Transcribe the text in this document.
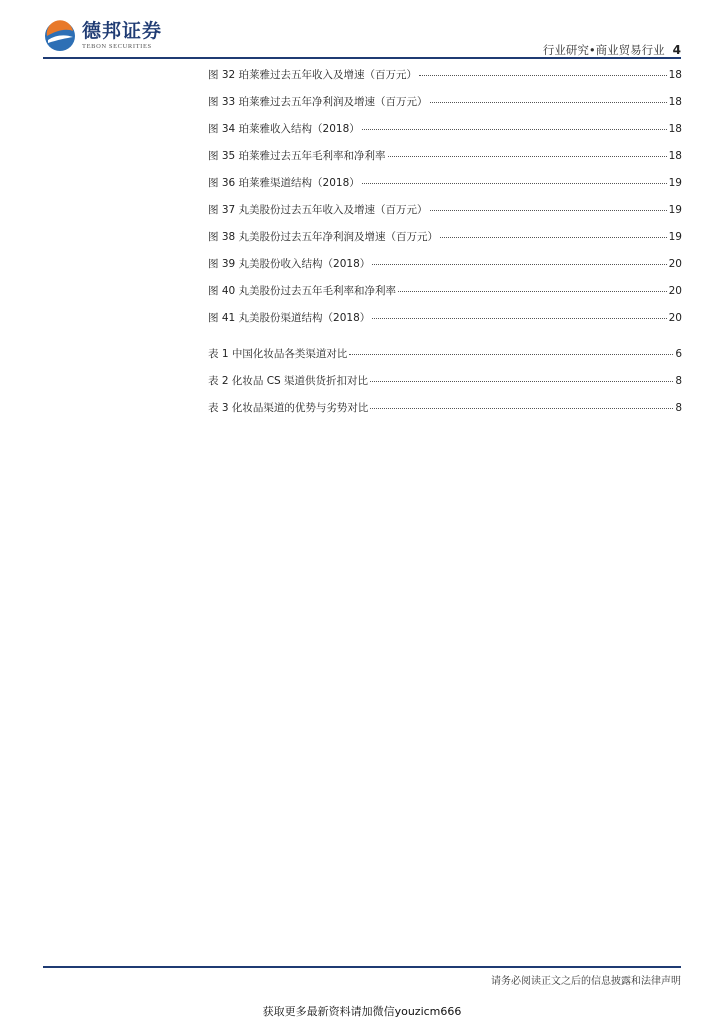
德邦证券
TEBON SECURITIES	行业研究•商业贸易行业 4
图 32 珀莱雅过去五年收入及增速（百万元）	18
图 33 珀莱雅过去五年净利润及增速（百万元）	18
图 34 珀莱雅收入结构（2018）	18
图 35 珀莱雅过去五年毛利率和净利率	18
图 36 珀莱雅渠道结构（2018）	19
图 37 丸美股份过去五年收入及增速（百万元）	19
图 38 丸美股份过去五年净利润及增速（百万元）	19
图 39 丸美股份收入结构（2018）	20
图 40 丸美股份过去五年毛利率和净利率	20
图 41 丸美股份渠道结构（2018）	20
表 1 中国化妆品各类渠道对比	6
表 2 化妆品 CS 渠道供货折扣对比	8
表 3 化妆品渠道的优势与劣势对比	8
请务必阅读正文之后的信息披露和法律声明
获取更多最新资料请加微信youzicm666
